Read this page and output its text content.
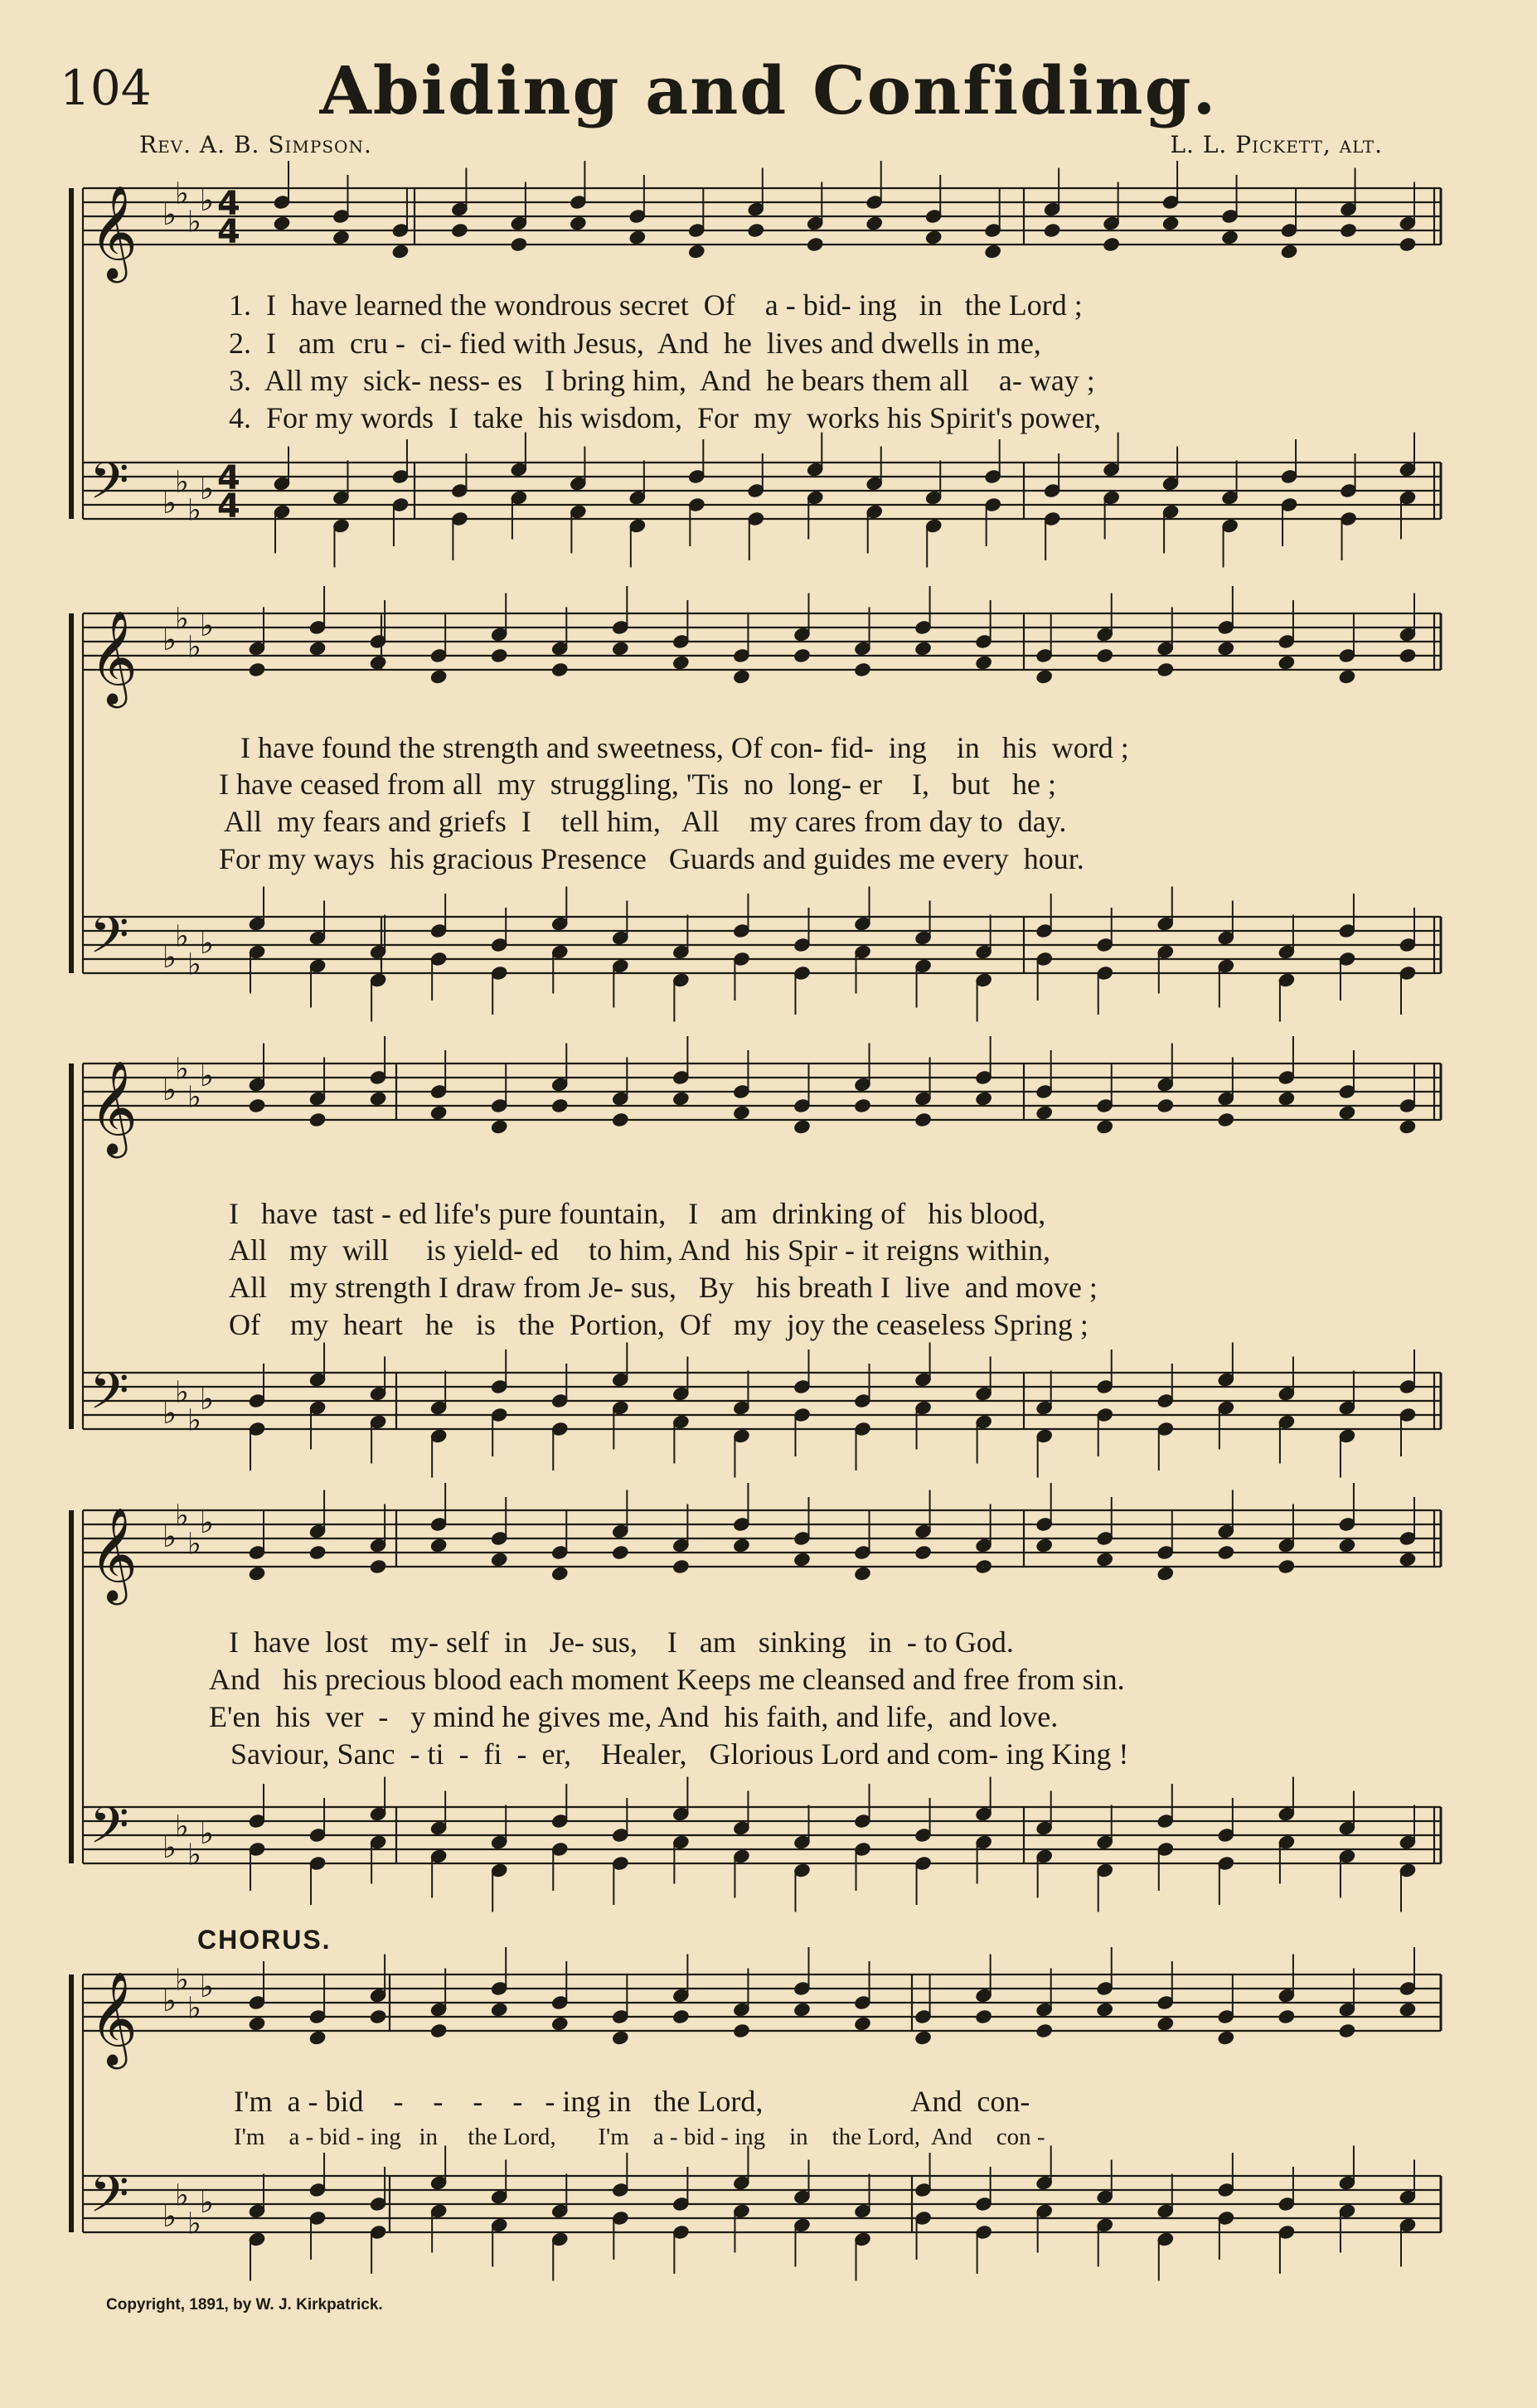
104	Abiding and Confiding.
Rev. A. B. Simpson.	L. L. Pickett, alt.
𝄞
𝄢
♭
♭
♭
♭
♭
♭
♭
♭
4
4
4
4
𝄞
𝄢
♭
♭
♭
♭
♭
♭
♭
♭
𝄞
𝄢
♭
♭
♭
♭
♭
♭
♭
♭
𝄞
𝄢
♭
♭
♭
♭
♭
♭
♭
♭
𝄞
𝄢
♭
♭
♭
♭
♭
♭
♭
♭
1.  I  have learned the wondrous secret  Of    a - bid- ing   in   the Lord ;
2.  I   am  cru -  ci- fied with Jesus,  And  he  lives and dwells in me,
3.  All my  sick- ness- es   I bring him,  And  he bears them all    a- way ;
4.  For my words  I  take  his wisdom,  For  my  works his Spirit's power,
I have found the strength and sweetness, Of con- fid-  ing    in   his  word ;
I have ceased from all  my  struggling, 'Tis  no  long- er    I,   but   he ;
All  my fears and griefs  I    tell him,   All    my cares from day to  day.
For my ways  his gracious Presence   Guards and guides me every  hour.
I   have  tast - ed life's pure fountain,   I   am  drinking of   his blood,
All   my  will     is yield- ed    to him, And  his Spir - it reigns within,
All   my strength I draw from Je- sus,   By   his breath I  live  and move ;
Of    my  heart   he   is   the  Portion,  Of   my  joy the ceaseless Spring ;
I  have  lost   my- self  in   Je- sus,    I   am   sinking   in  - to God.
And   his precious blood each moment Keeps me cleansed and free from sin.
E'en  his  ver  -   y mind he gives me, And  his faith, and life,  and love.
Saviour, Sanc  - ti  -  fi  -  er,    Healer,   Glorious Lord and com- ing King !
CHORUS.
I'm  a - bid    -    -    -    -   - ing in   the Lord,                    And  con-
I'm    a - bid - ing   in     the Lord,       I'm    a - bid - ing    in    the Lord,  And    con -
Copyright, 1891, by W. J. Kirkpatrick.
